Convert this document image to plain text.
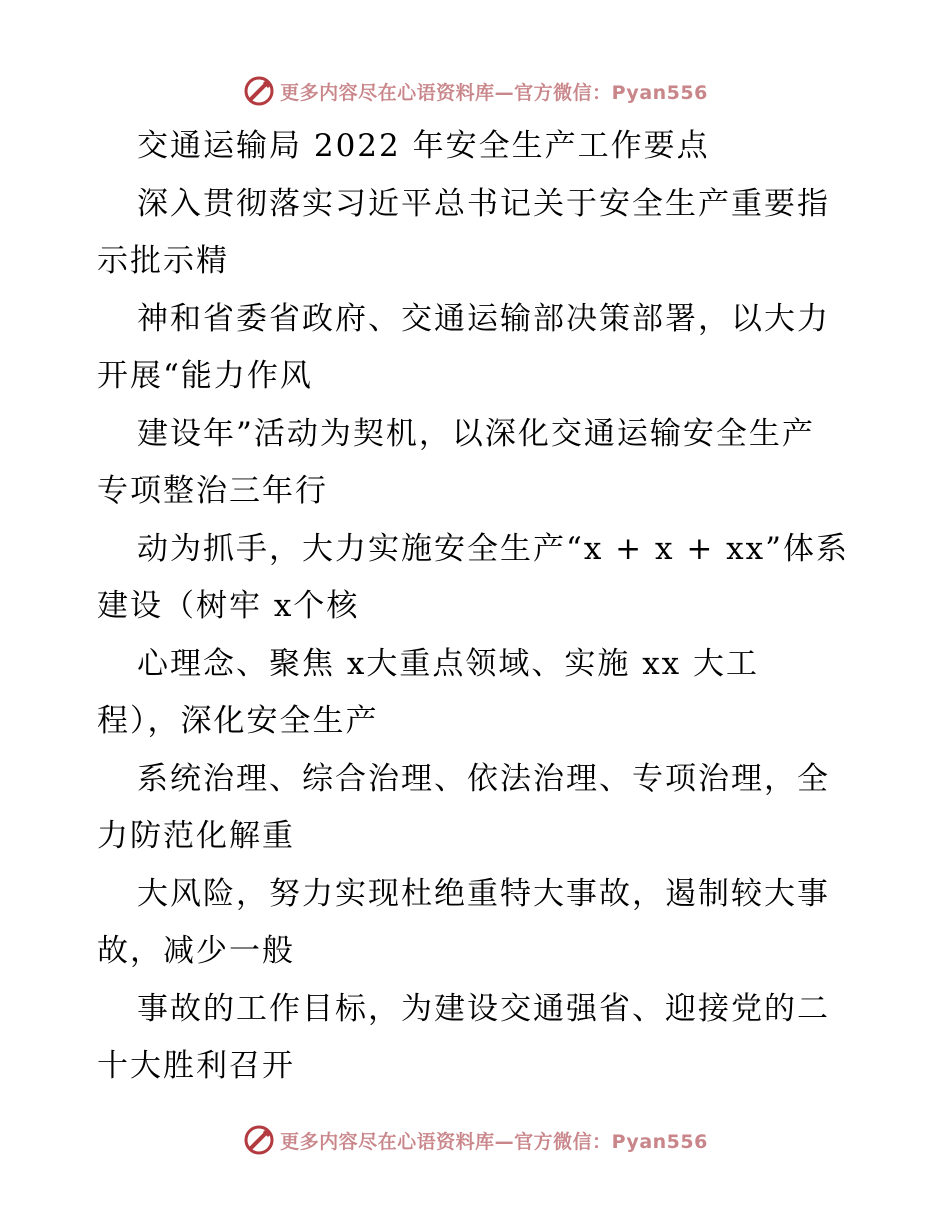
更多内容尽在心语资料库—官方微信：Pyan556
交通运输局 2022 年安全生产工作要点
深入贯彻落实习近平总书记关于安全生产重要指
示批示精
神和省委省政府、交通运输部决策部署，以大力
开展“能力作风
建设年”活动为契机，以深化交通运输安全生产
专项整治三年行
动为抓手，大力实施安全生产“x + x + xx”体系
建设（树牢 x个核
心理念、聚焦 x大重点领域、实施 xx 大工
程），深化安全生产
系统治理、综合治理、依法治理、专项治理，全
力防范化解重
大风险，努力实现杜绝重特大事故，遏制较大事
故，减少一般
事故的工作目标，为建设交通强省、迎接党的二
十大胜利召开
更多内容尽在心语资料库—官方微信：Pyan556
